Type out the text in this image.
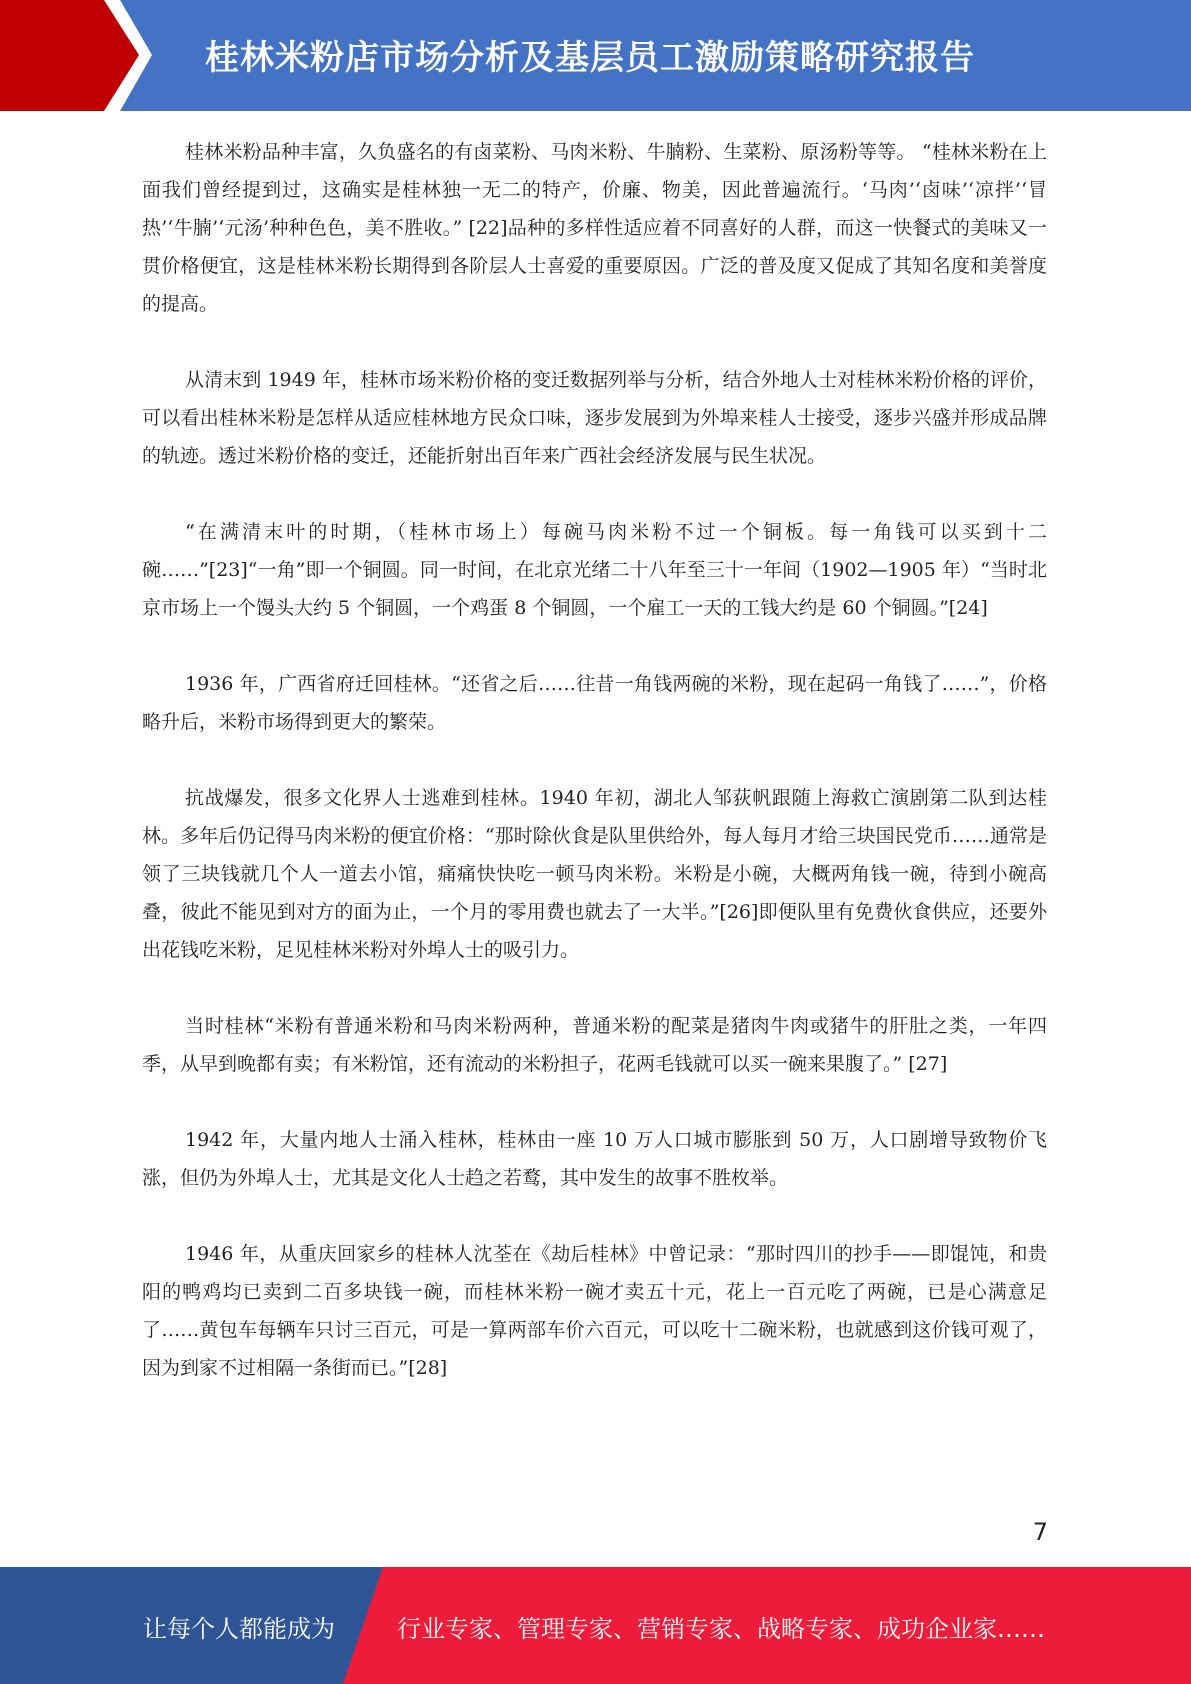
桂林米粉店市场分析及基层员工激励策略研究报告

桂林米粉品种丰富，久负盛名的有卤菜粉、马肉米粉、牛腩粉、生菜粉、原汤粉等等。 “桂林米粉在上面我们曾经提到过，这确实是桂林独一无二的特产，价廉、物美，因此普遍流行。‘马肉’‘卤味’‘凉拌’‘冒热’‘牛腩’‘元汤’种种色色，美不胜收。” [22]品种的多样性适应着不同喜好的人群，而这一快餐式的美味又一贯价格便宜，这是桂林米粉长期得到各阶层人士喜爱的重要原因。广泛的普及度又促成了其知名度和美誉度的提高。

从清末到 1949 年，桂林市场米粉价格的变迁数据列举与分析，结合外地人士对桂林米粉价格的评价，可以看出桂林米粉是怎样从适应桂林地方民众口味，逐步发展到为外埠来桂人士接受，逐步兴盛并形成品牌的轨迹。透过米粉价格的变迁，还能折射出百年来广西社会经济发展与民生状况。

“在满清末叶的时期，（桂林市场上）每碗马肉米粉不过一个铜板。每一角钱可以买到十二碗……”[23]“一角”即一个铜圆。同一时间，在北京光绪二十八年至三十一年间（1902—1905 年）“当时北京市场上一个馒头大约 5 个铜圆，一个鸡蛋 8 个铜圆，一个雇工一天的工钱大约是 60 个铜圆。”[24]

1936 年，广西省府迁回桂林。“还省之后……往昔一角钱两碗的米粉，现在起码一角钱了……”，价格略升后，米粉市场得到更大的繁荣。

抗战爆发，很多文化界人士逃难到桂林。1940 年初，湖北人邹荻帆跟随上海救亡演剧第二队到达桂林。多年后仍记得马肉米粉的便宜价格：“那时除伙食是队里供给外，每人每月才给三块国民党币……通常是领了三块钱就几个人一道去小馆，痛痛快快吃一顿马肉米粉。米粉是小碗，大概两角钱一碗，待到小碗高叠，彼此不能见到对方的面为止，一个月的零用费也就去了一大半。”[26]即便队里有免费伙食供应，还要外出花钱吃米粉，足见桂林米粉对外埠人士的吸引力。

当时桂林“米粉有普通米粉和马肉米粉两种，普通米粉的配菜是猪肉牛肉或猪牛的肝肚之类，一年四季，从早到晚都有卖；有米粉馆，还有流动的米粉担子，花两毛钱就可以买一碗来果腹了。” [27]

1942 年，大量内地人士涌入桂林，桂林由一座 10 万人口城市膨胀到 50 万，人口剧增导致物价飞涨，但仍为外埠人士，尤其是文化人士趋之若鹜，其中发生的故事不胜枚举。

1946 年，从重庆回家乡的桂林人沈荃在《劫后桂林》中曾记录：“那时四川的抄手——即馄饨，和贵阳的鸭鸡均已卖到二百多块钱一碗，而桂林米粉一碗才卖五十元，花上一百元吃了两碗，已是心满意足了……黄包车每辆车只讨三百元，可是一算两部车价六百元，可以吃十二碗米粉，也就感到这价钱可观了，因为到家不过相隔一条街而已。”[28]

7
让每个人都能成为	行业专家、管理专家、营销专家、战略专家、成功企业家……
